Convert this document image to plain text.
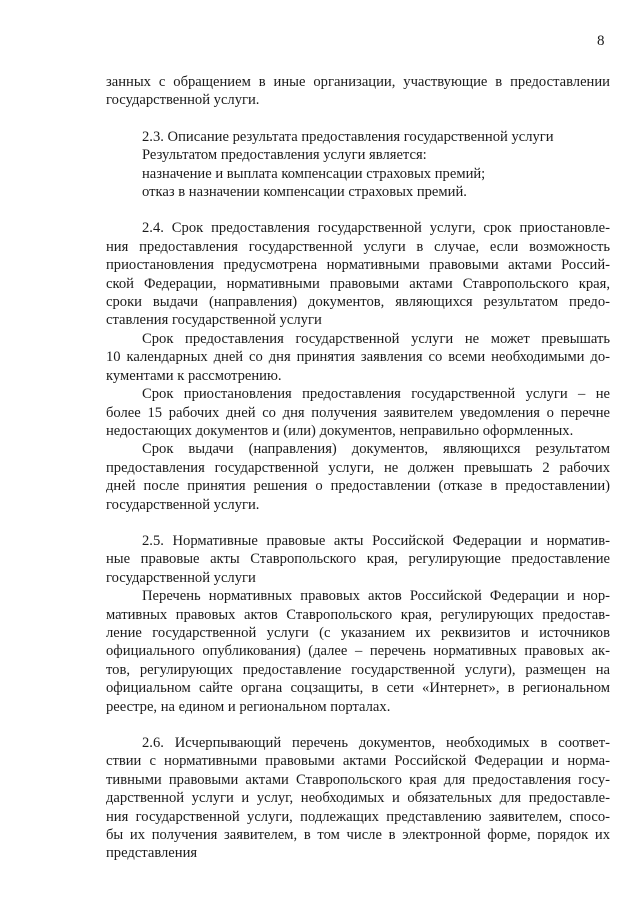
8
занных с обращением в иные организации, участвующие в предоставлении
государственной услуги.
2.3. Описание результата предоставления государственной услуги
Результатом предоставления услуги является:
назначение и выплата компенсации страховых премий;
отказ в назначении компенсации страховых премий.
2.4. Срок предоставления государственной услуги, срок приостановле-
ния предоставления государственной услуги в случае, если возможность
приостановления предусмотрена нормативными правовыми актами Россий-
ской Федерации, нормативными правовыми актами Ставропольского края,
сроки выдачи (направления) документов, являющихся результатом предо-
ставления государственной услуги
Срок предоставления государственной услуги не может превышать
10 календарных дней со дня принятия заявления со всеми необходимыми до-
кументами к рассмотрению.
Срок приостановления предоставления государственной услуги – не
более 15 рабочих дней со дня получения заявителем уведомления о перечне
недостающих документов и (или) документов, неправильно оформленных.
Срок выдачи (направления) документов, являющихся результатом
предоставления государственной услуги, не должен превышать 2 рабочих
дней после принятия решения о предоставлении (отказе в предоставлении)
государственной услуги.
2.5. Нормативные правовые акты Российской Федерации и норматив-
ные правовые акты Ставропольского края, регулирующие предоставление
государственной услуги
Перечень нормативных правовых актов Российской Федерации и нор-
мативных правовых актов Ставропольского края, регулирующих предостав-
ление государственной услуги (с указанием их реквизитов и источников
официального опубликования) (далее – перечень нормативных правовых ак-
тов, регулирующих предоставление государственной услуги), размещен на
официальном сайте органа соцзащиты, в сети «Интернет», в региональном
реестре, на едином и региональном порталах.
2.6. Исчерпывающий перечень документов, необходимых в соответ-
ствии с нормативными правовыми актами Российской Федерации и норма-
тивными правовыми актами Ставропольского края для предоставления госу-
дарственной услуги и услуг, необходимых и обязательных для предоставле-
ния государственной услуги, подлежащих представлению заявителем, спосо-
бы их получения заявителем, в том числе в электронной форме, порядок их
представления
